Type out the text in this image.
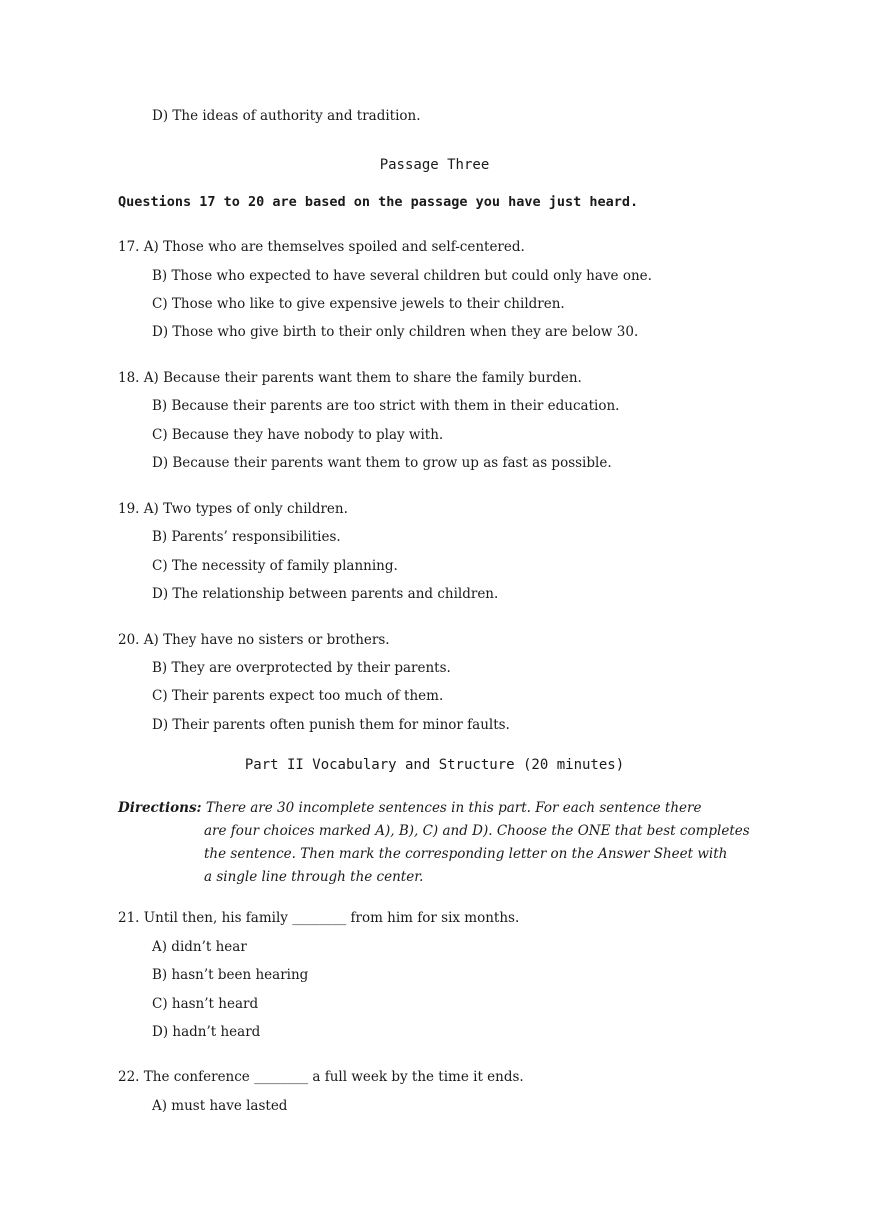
D) The ideas of authority and tradition.
Passage Three
Questions 17 to 20 are based on the passage you have just heard.
17. A) Those who are themselves spoiled and self-centered.
B) Those who expected to have several children but could only have one.
C) Those who like to give expensive jewels to their children.
D) Those who give birth to their only children when they are below 30.
18. A) Because their parents want them to share the family burden.
B) Because their parents are too strict with them in their education.
C) Because they have nobody to play with.
D) Because their parents want them to grow up as fast as possible.
19. A) Two types of only children.
B) Parents’ responsibilities.
C) The necessity of family planning.
D) The relationship between parents and children.
20. A) They have no sisters or brothers.
B) They are overprotected by their parents.
C) Their parents expect too much of them.
D) Their parents often punish them for minor faults.
Part II Vocabulary and Structure (20 minutes)
Directions: There are 30 incomplete sentences in this part. For each sentence there
are four choices marked A), B), C) and D). Choose the ONE that best completes
the sentence. Then mark the corresponding letter on the Answer Sheet with
a single line through the center.
21. Until then, his family ________ from him for six months.
A) didn’t hear
B) hasn’t been hearing
C) hasn’t heard
D) hadn’t heard
22. The conference ________ a full week by the time it ends.
A) must have lasted
